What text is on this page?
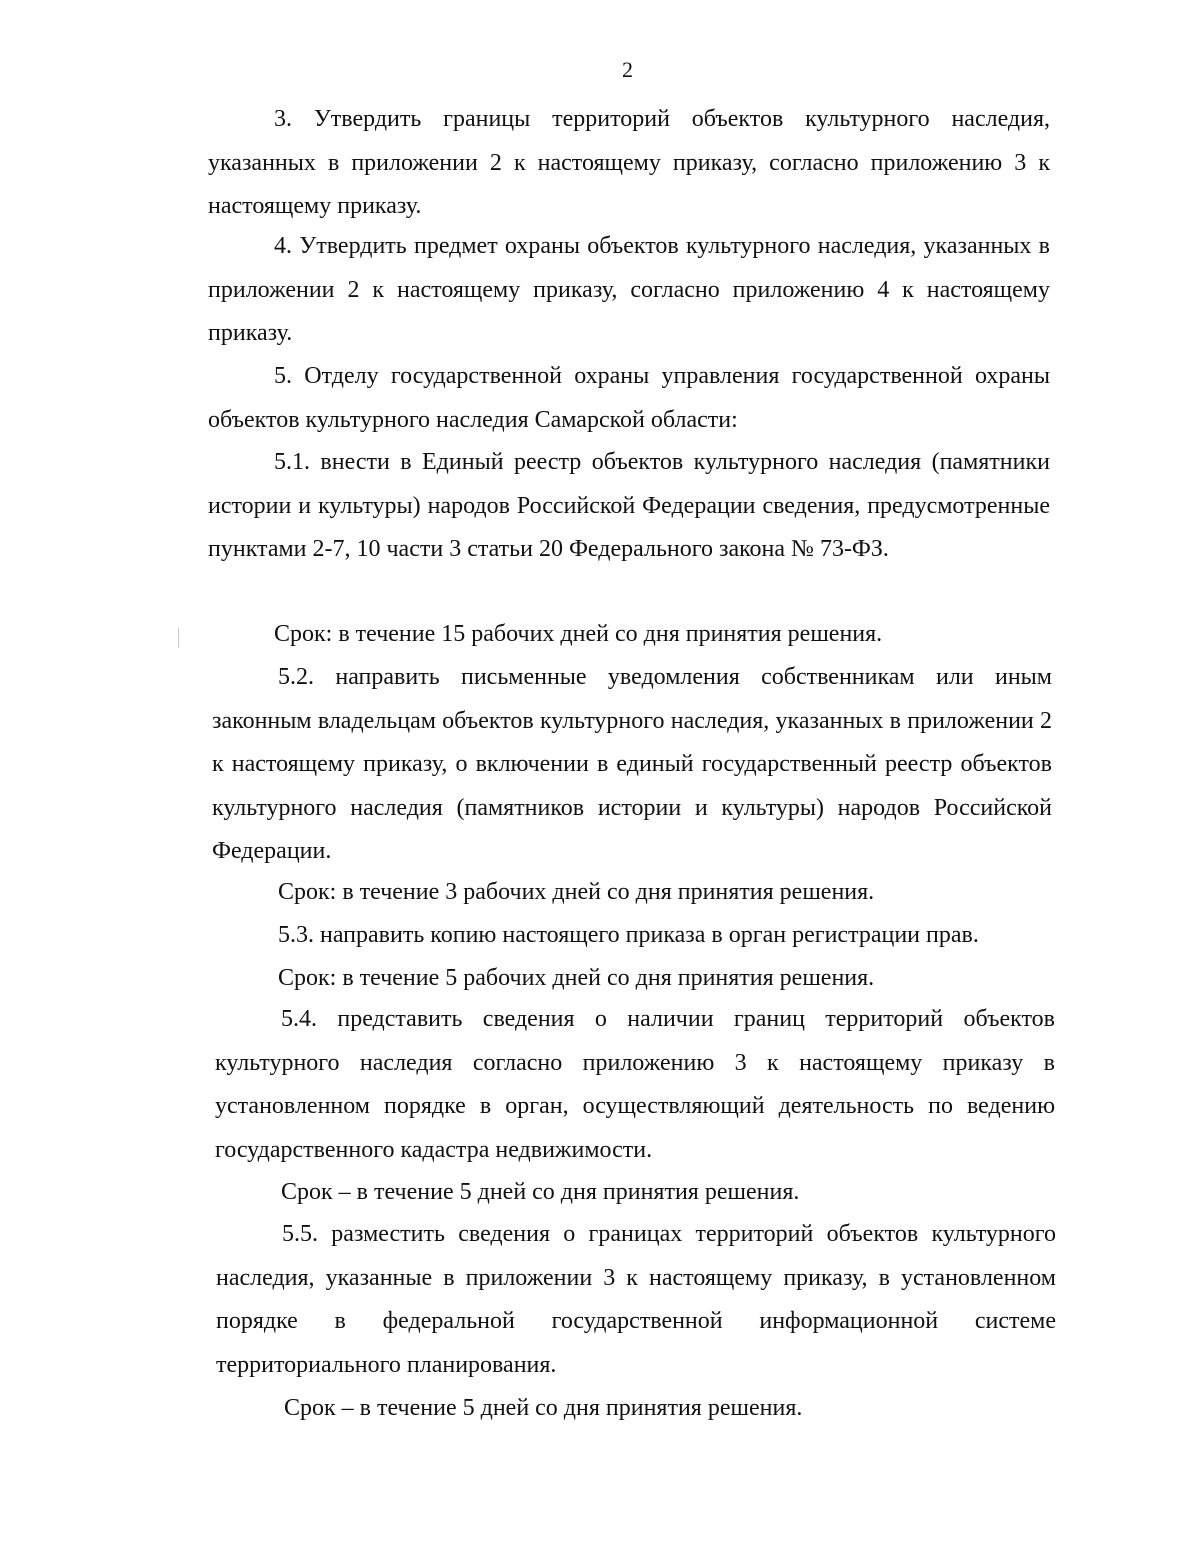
2

3. Утвердить границы территорий объектов культурного наследия, указанных в приложении 2 к настоящему приказу, согласно приложению 3 к настоящему приказу.

4. Утвердить предмет охраны объектов культурного наследия, указанных в приложении 2 к настоящему приказу, согласно приложению 4 к настоящему приказу.

5. Отделу государственной охраны управления государственной охраны объектов культурного наследия Самарской области:

5.1. внести в Единый реестр объектов культурного наследия (памятники истории и культуры) народов Российской Федерации сведения, предусмотренные пунктами 2-7, 10 части 3 статьи 20 Федерального закона № 73-ФЗ.

Срок: в течение 15 рабочих дней со дня принятия решения.

5.2. направить письменные уведомления собственникам или иным законным владельцам объектов культурного наследия, указанных в приложении 2 к настоящему приказу, о включении в единый государственный реестр объектов культурного наследия (памятников истории и культуры) народов Российской Федерации.

Срок: в течение 3 рабочих дней со дня принятия решения.

5.3. направить копию настоящего приказа в орган регистрации прав.

Срок: в течение 5 рабочих дней со дня принятия решения.

5.4. представить сведения о наличии границ территорий объектов культурного наследия согласно приложению 3 к настоящему приказу в установленном порядке в орган, осуществляющий деятельность по ведению государственного кадастра недвижимости.

Срок – в течение 5 дней со дня принятия решения.

5.5. разместить сведения о границах территорий объектов культурного наследия, указанные в приложении 3 к настоящему приказу, в установленном порядке в федеральной государственной информационной системе территориального планирования.

Срок – в течение 5 дней со дня принятия решения.
